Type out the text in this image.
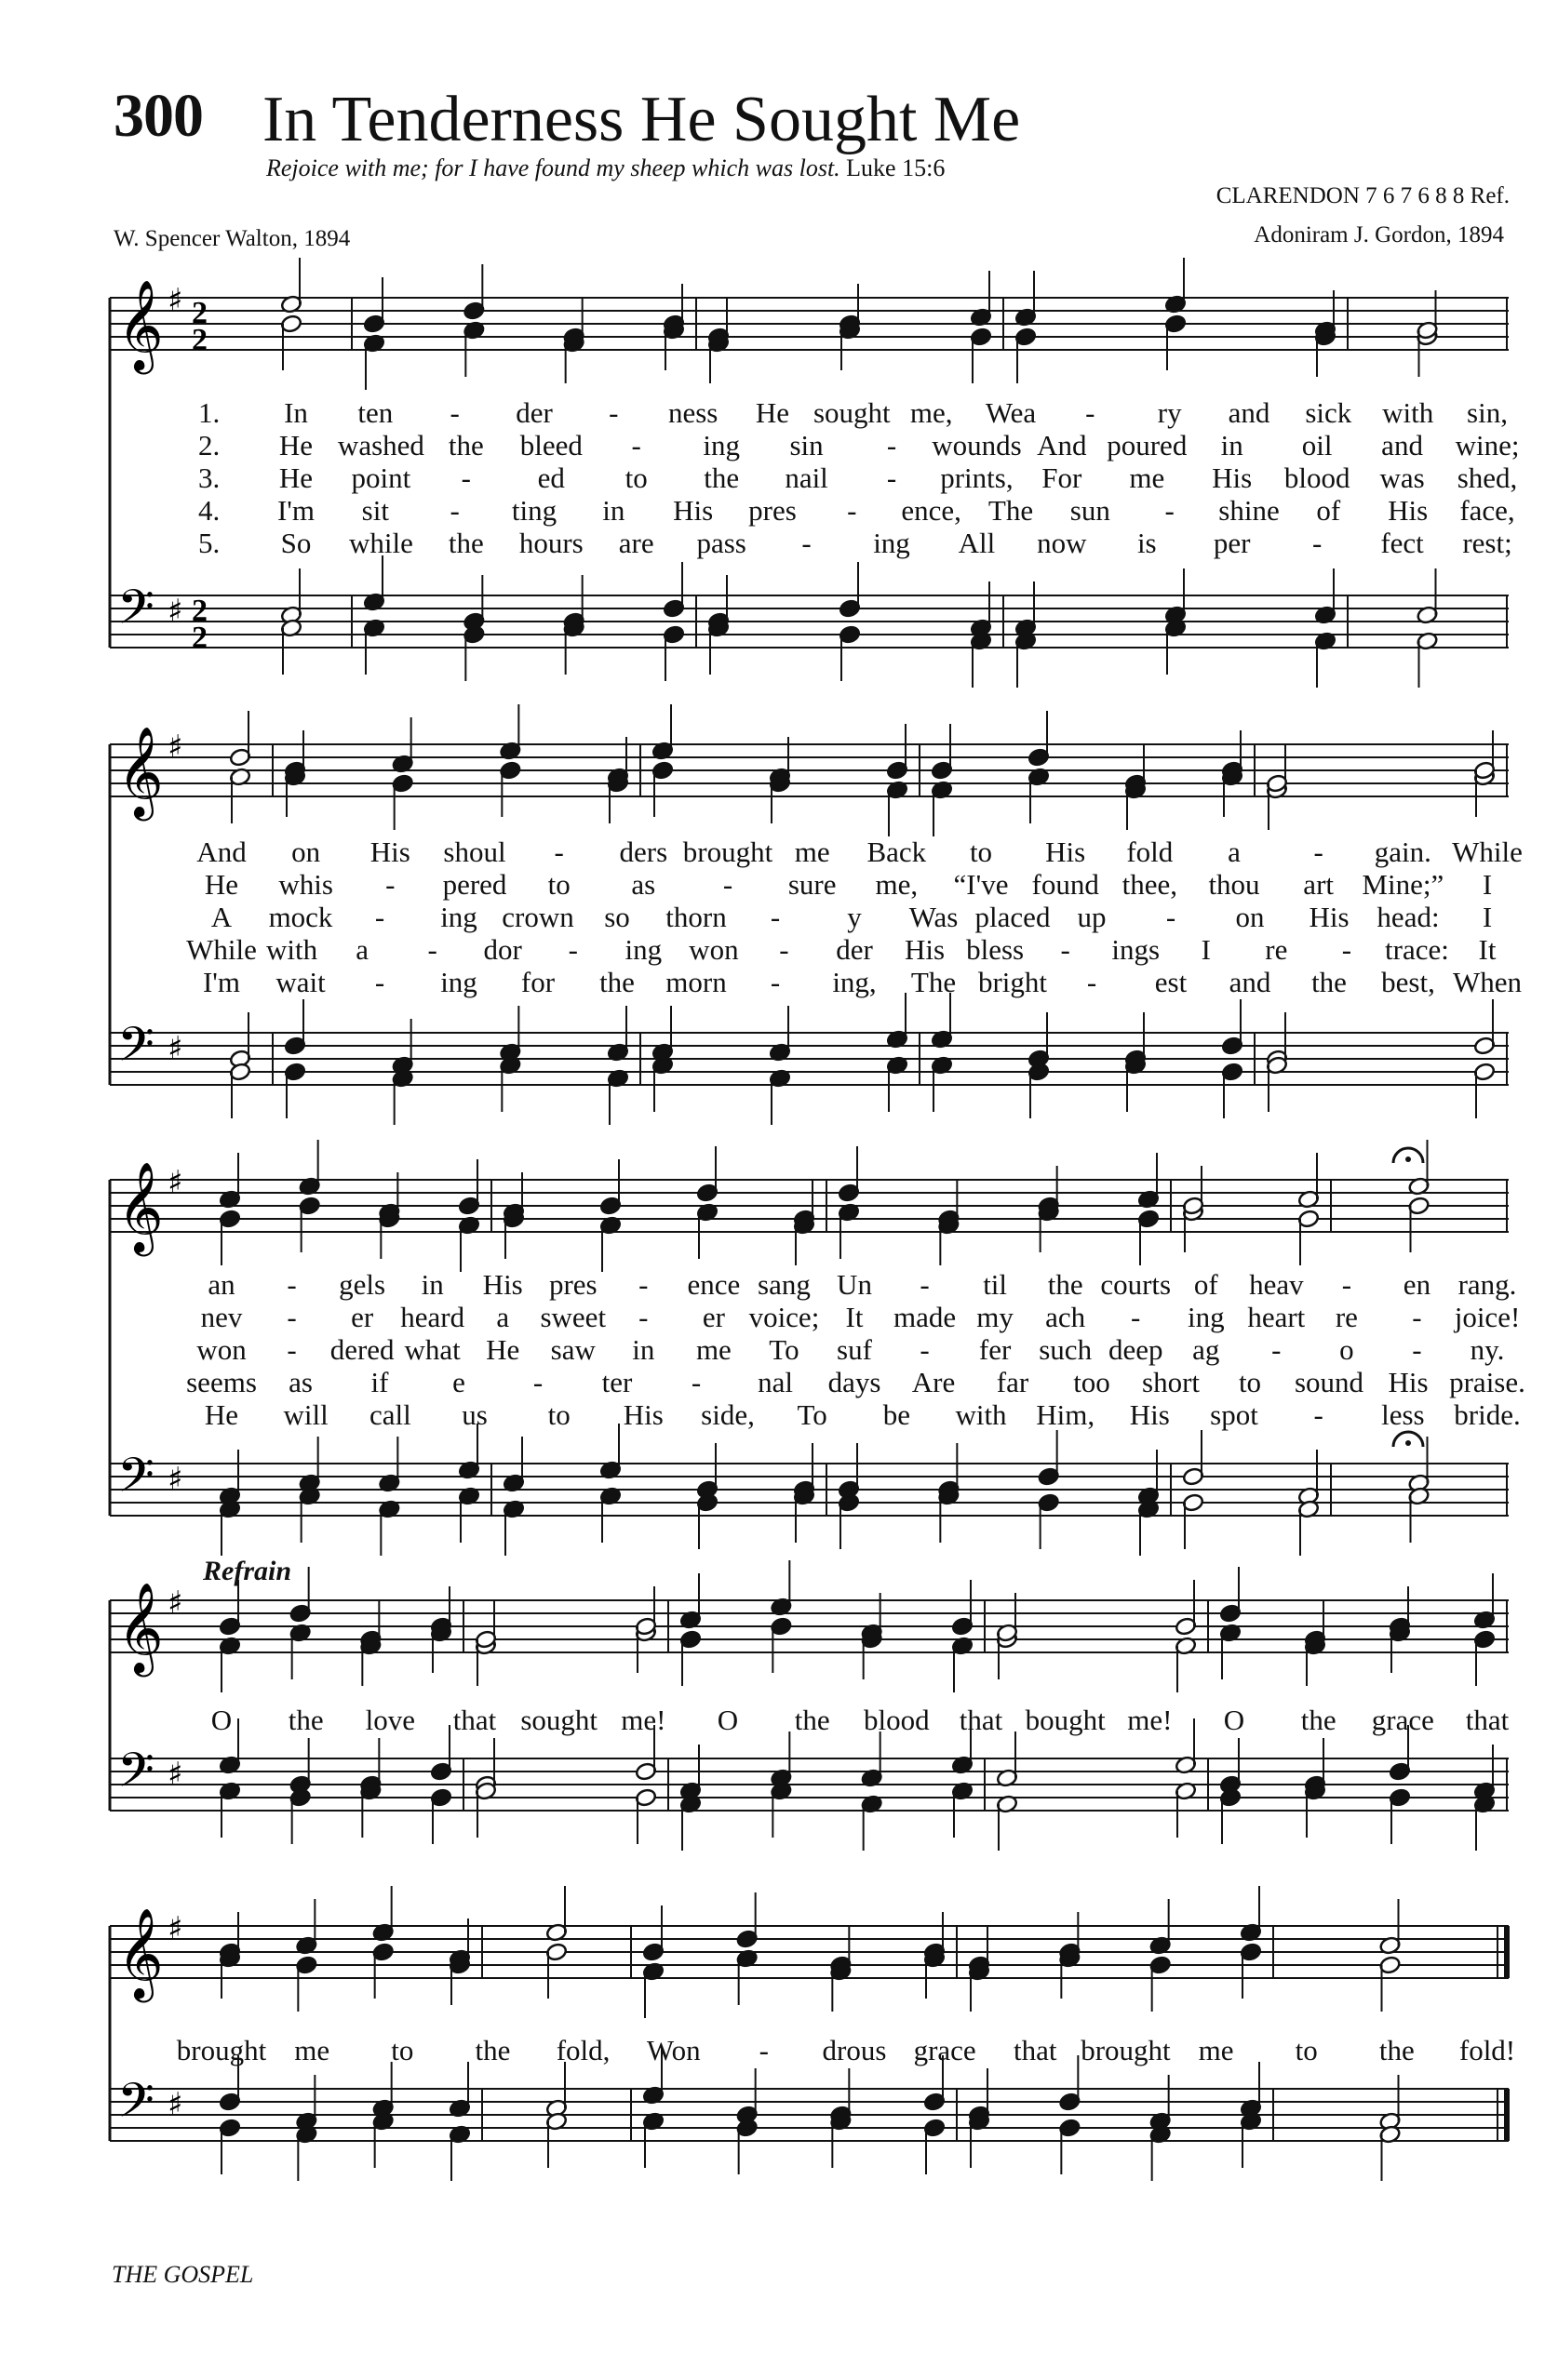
300 In Tenderness He Sought Me
Rejoice with me; for I have found my sheep which was lost. Luke 15:6
CLARENDON 7 6 7 6 8 8 Ref.
W. Spencer Walton, 1894	Adoniram J. Gordon, 1894
𝄞
𝄢
♯
♯
2
2
2
2
1. In ten - der - ness He sought me, Wea - ry and sick with sin,
2. He washed the bleed - ing sin - wounds And poured in oil and wine;
3. He point - ed to the nail - prints, For me His blood was shed,
4. I'm sit - ting in His pres - ence, The sun - shine of His face,
5. So while the hours are pass - ing All now is per - fect rest;
𝄞
𝄢
♯
♯
And on His shoul - ders brought me Back to His fold a	- gain. While
He whis - pered to as - sure me, “I've found thee, thou art Mine;” I
A mock - ing crown so thorn - y Was placed up - on His head: I
While with a - dor - ing won - der His bless - ings I re - trace: It
I'm wait - ing for the morn - ing, The bright - est and the best, When
𝄞
𝄢
♯
♯
an - gels in His pres - ence sang Un - til the courts of heav - en rang.
nev - er heard a sweet - er voice; It made my ach - ing heart re - joice!
won - dered what He saw in me To suf - fer such deep ag - o - ny.
seems as if e - ter - nal days Are far too short to sound His praise.
He will call us to His side, To be with Him, His spot - less bride.
𝄞
𝄢
♯
♯
Refrain
O the love that sought me! O the blood that bought me! O the grace that
𝄞
𝄢
♯
♯
brought me to the fold, Won - drous grace that brought me to the fold!
THE GOSPEL
